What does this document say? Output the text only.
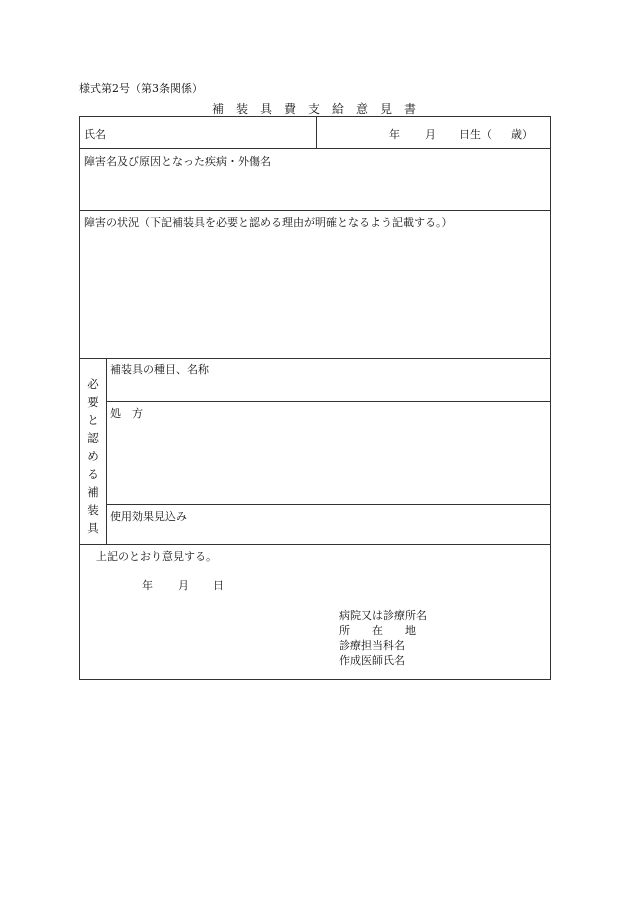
様式第2号（第3条関係）
補　装　具　費　支　給　意　見　書
氏名	年 月 日生（ 歳）
障害名及び原因となった疾病・外傷名
障害の状況（下記補装具を必要と認める理由が明確となるよう記載する。）
必
要
と
認
め
る
補
装
具
補装具の種目、名称
処　方
使用効果見込み
上記のとおり意見する。
年 月 日
病院又は診療所名
所　　在　　地
診療担当科名
作成医師氏名
